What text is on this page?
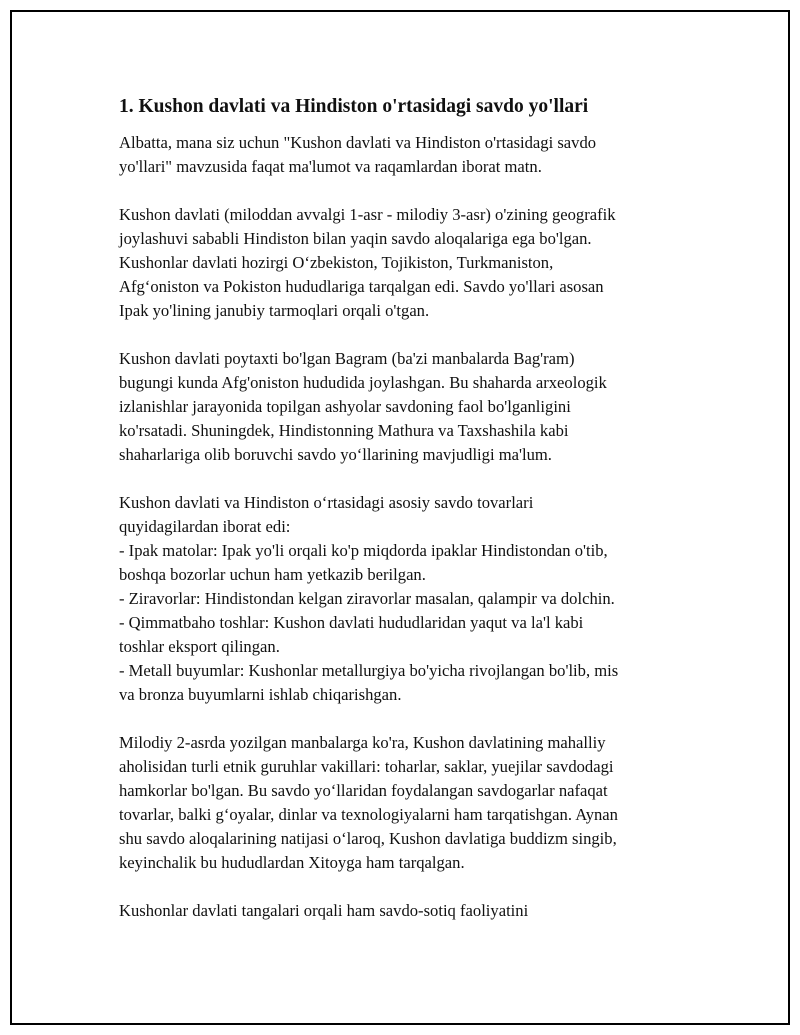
1. Kushon davlati va Hindiston o'rtasidagi savdo yo'llari

Albatta, mana siz uchun "Kushon davlati va Hindiston o'rtasidagi savdo
yo'llari" mavzusida faqat ma'lumot va raqamlardan iborat matn.

Kushon davlati (miloddan avvalgi 1-asr - milodiy 3-asr) o'zining geografik
joylashuvi sababli Hindiston bilan yaqin savdo aloqalariga ega bo'lgan.
Kushonlar davlati hozirgi O‘zbekiston, Tojikiston, Turkmaniston,
Afg‘oniston va Pokiston hududlariga tarqalgan edi. Savdo yo'llari asosan
Ipak yo'lining janubiy tarmoqlari orqali o'tgan.

Kushon davlati poytaxti bo'lgan Bagram (ba'zi manbalarda Bag'ram)
bugungi kunda Afg'oniston hududida joylashgan. Bu shaharda arxeologik
izlanishlar jarayonida topilgan ashyolar savdoning faol bo'lganligini
ko'rsatadi. Shuningdek, Hindistonning Mathura va Taxshashila kabi
shaharlariga olib boruvchi savdo yo‘llarining mavjudligi ma'lum.

Kushon davlati va Hindiston o‘rtasidagi asosiy savdo tovarlari
quyidagilardan iborat edi:
- Ipak matolar: Ipak yo'li orqali ko'p miqdorda ipaklar Hindistondan o'tib,
boshqa bozorlar uchun ham yetkazib berilgan.
- Ziravorlar: Hindistondan kelgan ziravorlar masalan, qalampir va dolchin.
- Qimmatbaho toshlar: Kushon davlati hududlaridan yaqut va la'l kabi
toshlar eksport qilingan.
- Metall buyumlar: Kushonlar metallurgiya bo'yicha rivojlangan bo'lib, mis
va bronza buyumlarni ishlab chiqarishgan.

Milodiy 2-asrda yozilgan manbalarga ko'ra, Kushon davlatining mahalliy
aholisidan turli etnik guruhlar vakillari: toharlar, saklar, yuejilar savdodagi
hamkorlar bo'lgan. Bu savdo yo‘llaridan foydalangan savdogarlar nafaqat
tovarlar, balki g‘oyalar, dinlar va texnologiyalarni ham tarqatishgan. Aynan
shu savdo aloqalarining natijasi o‘laroq, Kushon davlatiga buddizm singib,
keyinchalik bu hududlardan Xitoyga ham tarqalgan.

Kushonlar davlati tangalari orqali ham savdo-sotiq faoliyatini
